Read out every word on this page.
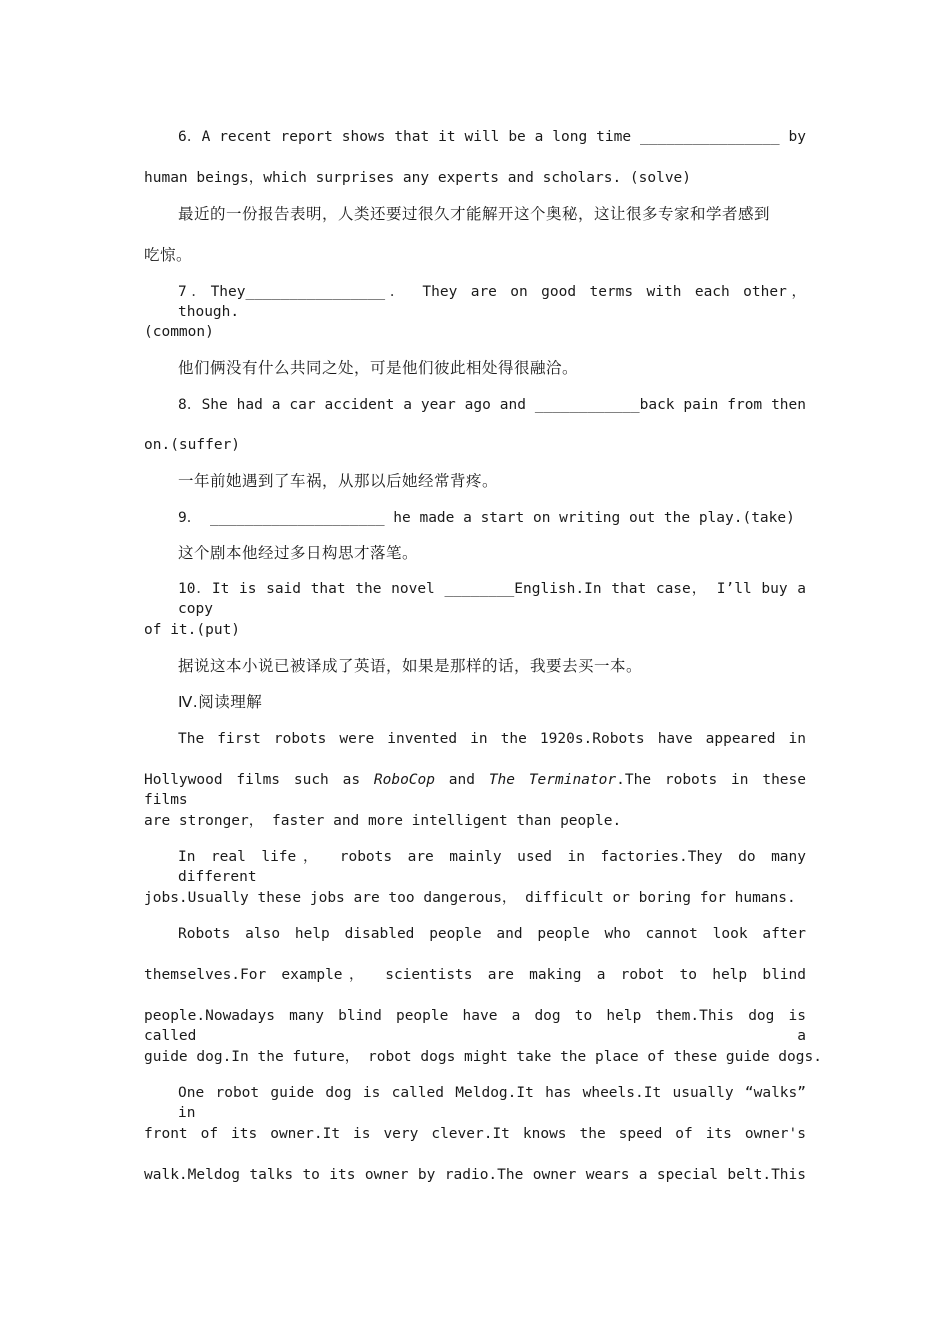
6．A recent report shows that it will be a long time ________________ by
human beings，which surprises any experts and scholars. (solve)
最近的一份报告表明，人类还要过很久才能解开这个奥秘，这让很多专家和学者感到
吃惊。
7．They________________． They are on good terms with each other， though.
(common)
他们俩没有什么共同之处，可是他们彼此相处得很融洽。
8．She had a car accident a year ago and ____________back pain from then
on.(suffer)
一年前她遇到了车祸，从那以后她经常背疼。
9． ____________________ he made a start on writing out the play.(take)
这个剧本他经过多日构思才落笔。
10．It is said that the novel ________English.In that case， I’ll buy a copy
of it.(put)
据说这本小说已被译成了英语，如果是那样的话，我要去买一本。
Ⅳ.阅读理解
The first robots were invented in the 1920s.Robots have appeared in
Hollywood films such as RoboCop and The Terminator.The robots in these films
are stronger， faster and more intelligent than people.
In real life， robots are mainly used in factories.They do many different
jobs.Usually these jobs are too dangerous， difficult or boring for humans.
Robots also help disabled people and people who cannot look after
themselves.For example， scientists are making a robot to help blind
people.Nowadays many blind people have a dog to help them.This dog is called a
guide dog.In the future， robot dogs might take the place of these guide dogs.
One robot guide dog is called Meldog.It has wheels.It usually “walks” in
front of its owner.It is very clever.It knows the speed of its owner's
walk.Meldog talks to its owner by radio.The owner wears a special belt.This
